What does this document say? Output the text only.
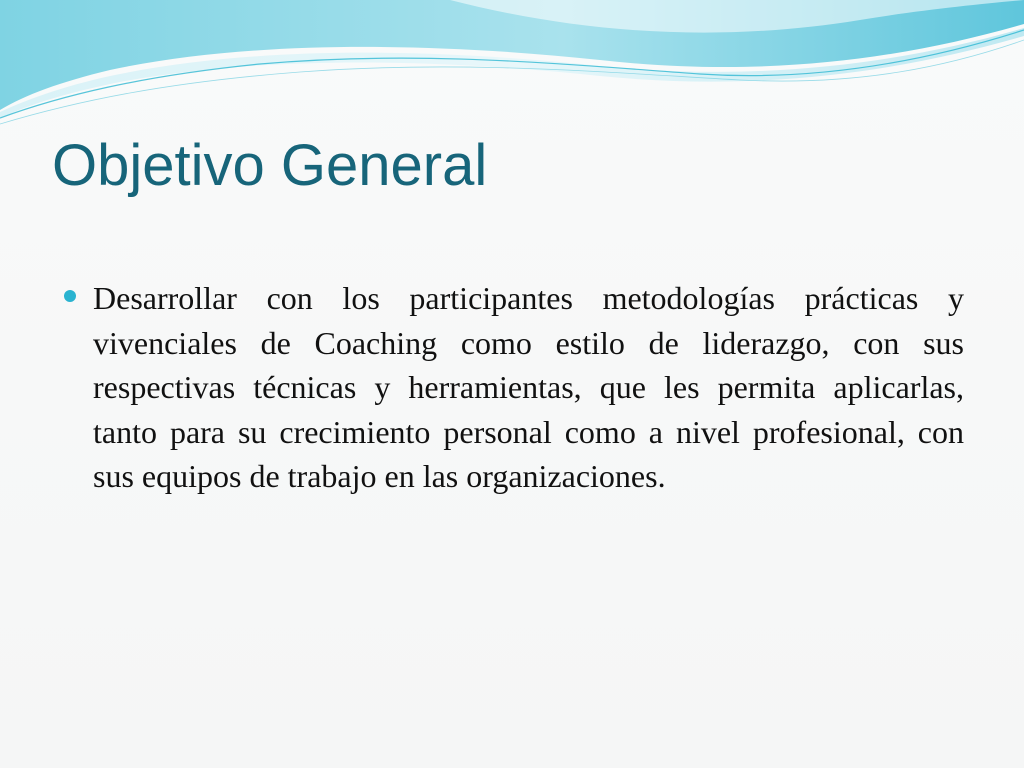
Objetivo General
Desarrollar con los participantes metodologías prácticas y vivenciales de Coaching como estilo de liderazgo, con sus respectivas técnicas y herramientas, que les permita aplicarlas, tanto para su crecimiento personal como a nivel profesional, con sus equipos de trabajo en las organizaciones.
